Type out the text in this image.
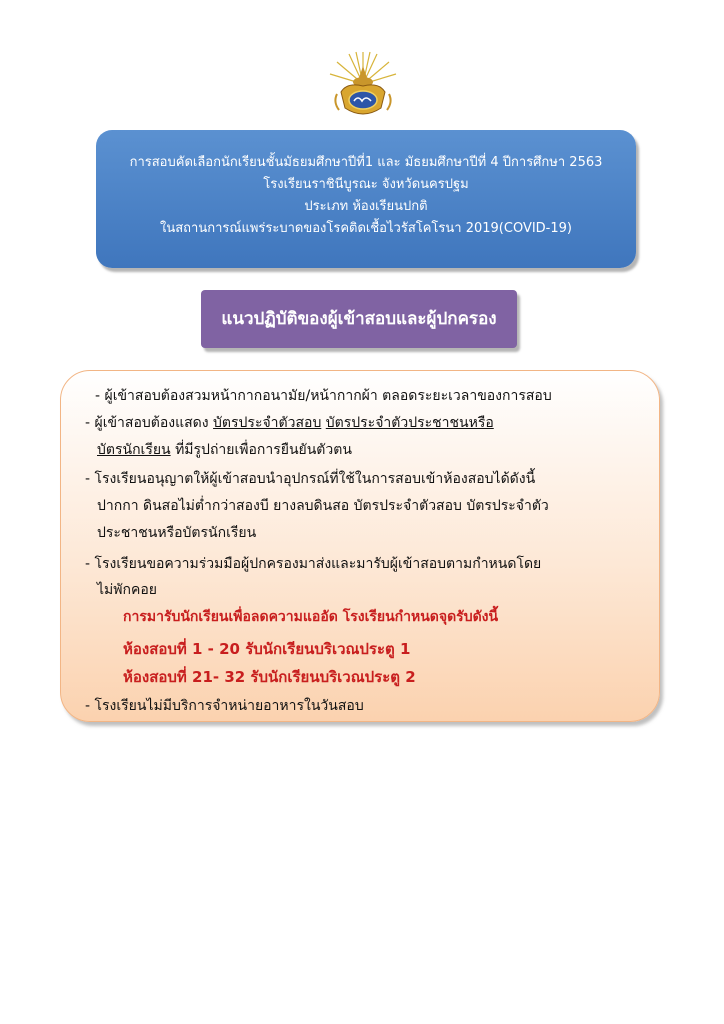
การสอบคัดเลือกนักเรียนชั้นมัธยมศึกษาปีที่1 และ มัธยมศึกษาปีที่ 4 ปีการศึกษา 2563
โรงเรียนราชินีบูรณะ จังหวัดนครปฐม
ประเภท ห้องเรียนปกติ
ในสถานการณ์แพร่ระบาดของโรคติดเชื้อไวรัสโคโรนา 2019(COVID-19)
แนวปฏิบัติของผู้เข้าสอบและผู้ปกครอง
- ผู้เข้าสอบต้องสวมหน้ากากอนามัย/หน้ากากผ้า ตลอดระยะเวลาของการสอบ
- ผู้เข้าสอบต้องแสดง บัตรประจำตัวสอบ บัตรประจำตัวประชาชนหรือ
บัตรนักเรียน ที่มีรูปถ่ายเพื่อการยืนยันตัวตน
- โรงเรียนอนุญาตให้ผู้เข้าสอบนำอุปกรณ์ที่ใช้ในการสอบเข้าห้องสอบได้ดังนี้
ปากกา ดินสอไม่ต่ำกว่าสองบี ยางลบดินสอ บัตรประจำตัวสอบ บัตรประจำตัว
ประชาชนหรือบัตรนักเรียน
- โรงเรียนขอความร่วมมือผู้ปกครองมาส่งและมารับผู้เข้าสอบตามกำหนดโดย
ไม่พักคอย
การมารับนักเรียนเพื่อลดความแออัด โรงเรียนกำหนดจุดรับดังนี้
ห้องสอบที่ 1 - 20 รับนักเรียนบริเวณประตู 1
ห้องสอบที่ 21- 32 รับนักเรียนบริเวณประตู 2
- โรงเรียนไม่มีบริการจำหน่ายอาหารในวันสอบ
